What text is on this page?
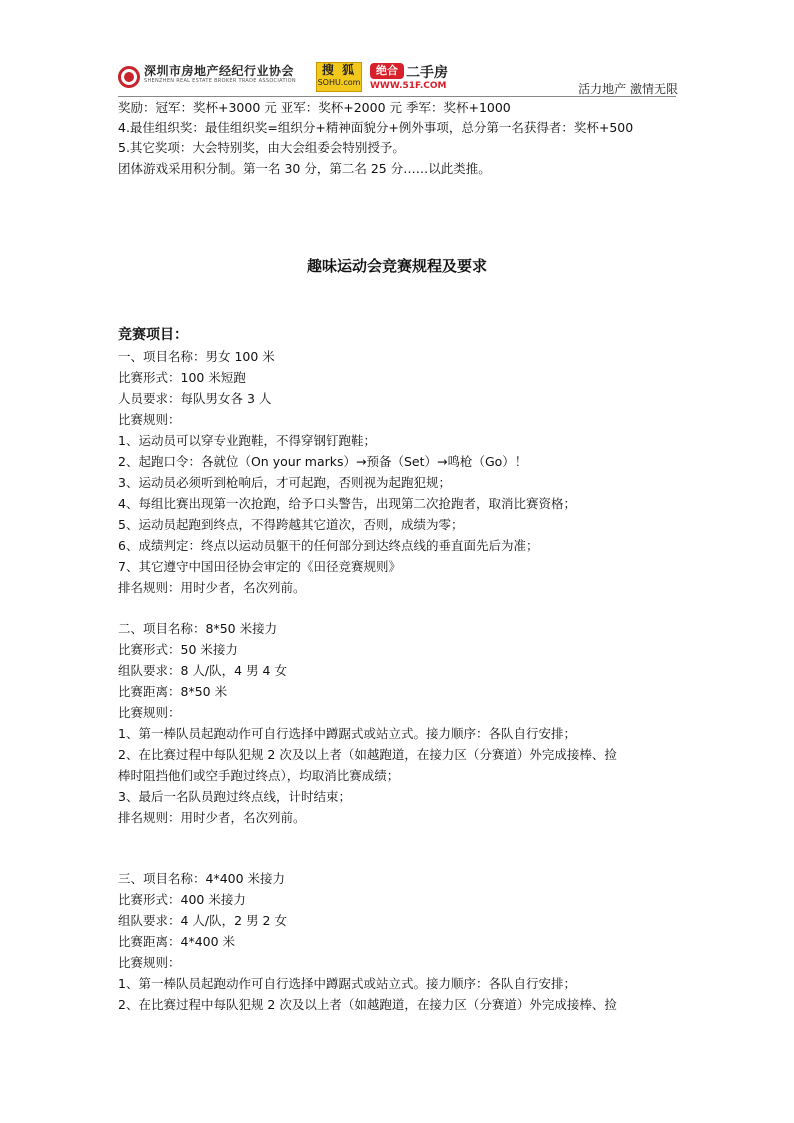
深圳市房地产经纪行业协会
SHENZHEN REAL ESTATE BROKER TRADE ASSOCIATION
搜 狐
SOHU.com
绝合 二手房
WWW.51F.COM	活力地产 激情无限
奖励：冠军：奖杯+3000 元 亚军：奖杯+2000 元 季军：奖杯+1000
4.最佳组织奖：最佳组织奖=组织分+精神面貌分+例外事项，总分第一名获得者：奖杯+500
5.其它奖项：大会特别奖，由大会组委会特别授予。
团体游戏采用积分制。第一名 30 分，第二名 25 分……以此类推。
趣味运动会竞赛规程及要求
竞赛项目：
一、项目名称：男女 100 米
比赛形式：100 米短跑
人员要求：每队男女各 3 人
比赛规则：
1、运动员可以穿专业跑鞋，不得穿钢钉跑鞋；
2、起跑口令：各就位（On your marks）→预备（Set）→鸣枪（Go）！
3、运动员必须听到枪响后，才可起跑，否则视为起跑犯规；
4、每组比赛出现第一次抢跑，给予口头警告，出现第二次抢跑者，取消比赛资格；
5、运动员起跑到终点，不得跨越其它道次，否则，成绩为零；
6、成绩判定：终点以运动员躯干的任何部分到达终点线的垂直面先后为准；
7、其它遵守中国田径协会审定的《田径竞赛规则》
排名规则：用时少者，名次列前。
二、项目名称：8*50 米接力
比赛形式：50 米接力
组队要求：8 人/队，4 男 4 女
比赛距离：8*50 米
比赛规则：
1、第一棒队员起跑动作可自行选择中蹲踞式或站立式。接力顺序：各队自行安排；
2、在比赛过程中每队犯规 2 次及以上者（如越跑道，在接力区（分赛道）外完成接棒、捡
棒时阻挡他们或空手跑过终点），均取消比赛成绩；
3、最后一名队员跑过终点线，计时结束；
排名规则：用时少者，名次列前。
三、项目名称：4*400 米接力
比赛形式：400 米接力
组队要求：4 人/队，2 男 2 女
比赛距离：4*400 米
比赛规则：
1、第一棒队员起跑动作可自行选择中蹲踞式或站立式。接力顺序：各队自行安排；
2、在比赛过程中每队犯规 2 次及以上者（如越跑道，在接力区（分赛道）外完成接棒、捡
